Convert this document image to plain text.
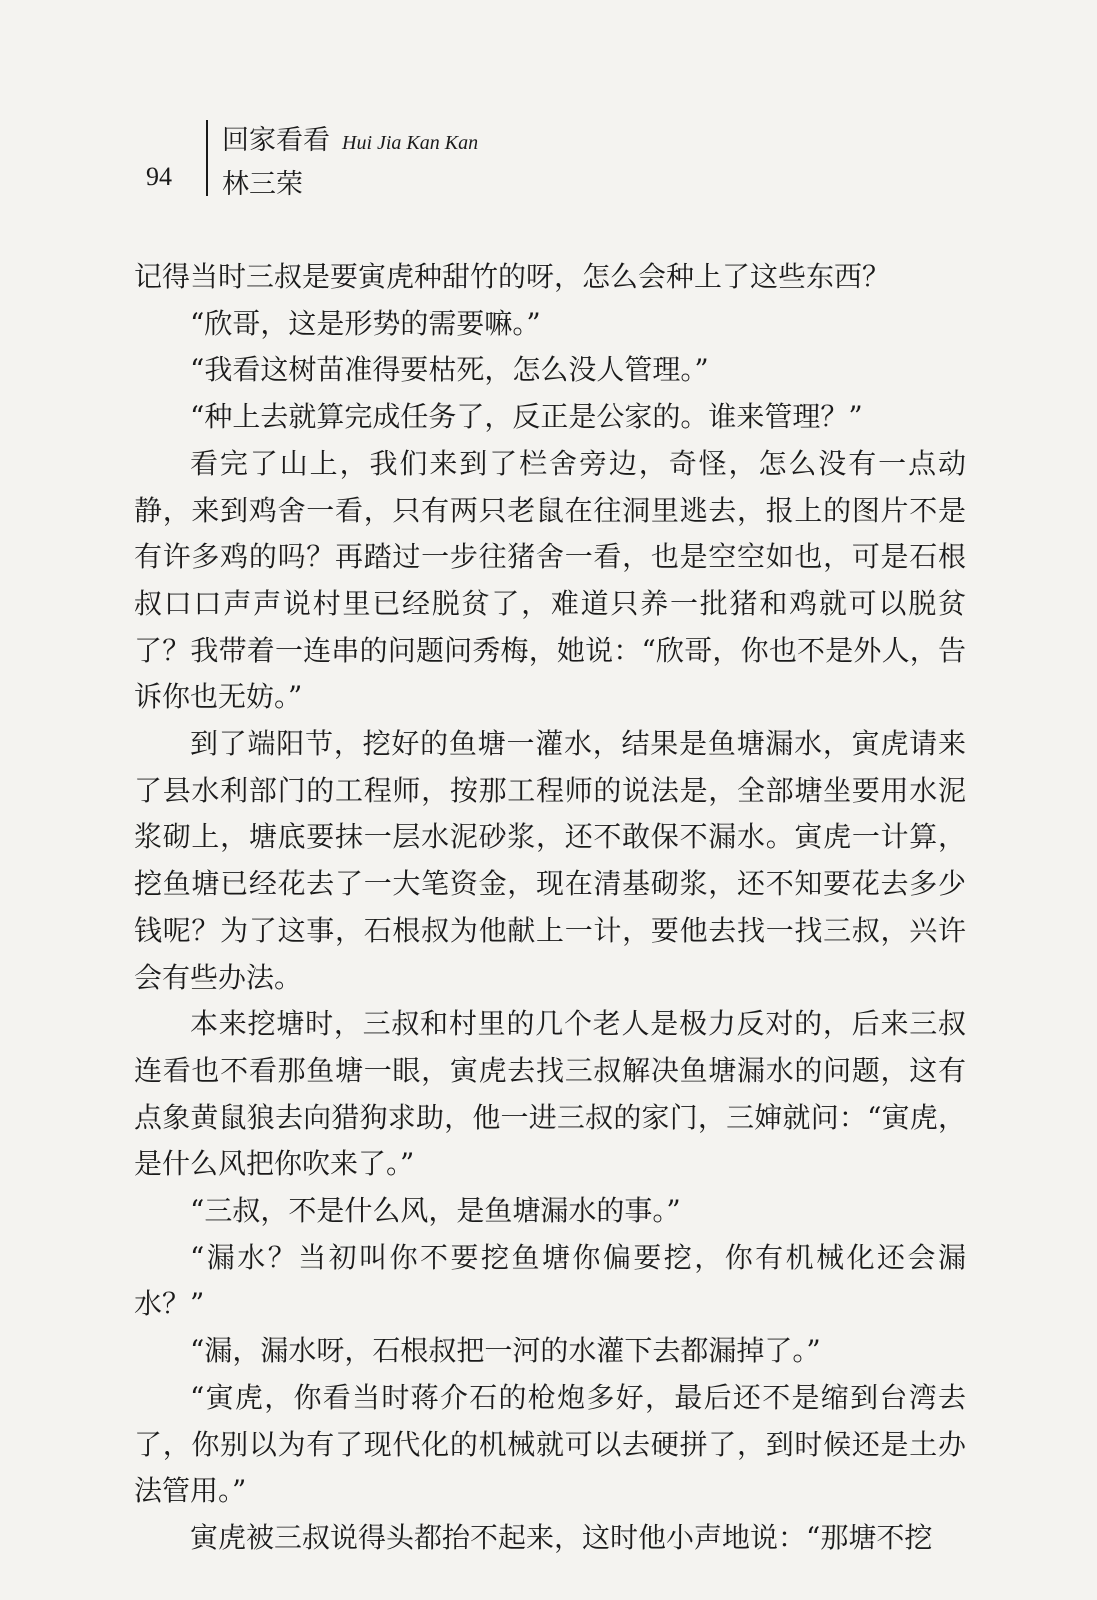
94
回家看看 Hui Jia Kan Kan
林三荣

记得当时三叔是要寅虎种甜竹的呀，怎么会种上了这些东西？

“欣哥，这是形势的需要嘛。”

“我看这树苗准得要枯死，怎么没人管理。”

“种上去就算完成任务了，反正是公家的。谁来管理？”

看完了山上，我们来到了栏舍旁边，奇怪，怎么没有一点动静，来到鸡舍一看，只有两只老鼠在往洞里逃去，报上的图片不是有许多鸡的吗？再踏过一步往猪舍一看，也是空空如也，可是石根叔口口声声说村里已经脱贫了，难道只养一批猪和鸡就可以脱贫了？我带着一连串的问题问秀梅，她说：“欣哥，你也不是外人，告诉你也无妨。”

到了端阳节，挖好的鱼塘一灌水，结果是鱼塘漏水，寅虎请来了县水利部门的工程师，按那工程师的说法是，全部塘坐要用水泥浆砌上，塘底要抹一层水泥砂浆，还不敢保不漏水。寅虎一计算，挖鱼塘已经花去了一大笔资金，现在清基砌浆，还不知要花去多少钱呢？为了这事，石根叔为他献上一计，要他去找一找三叔，兴许会有些办法。

本来挖塘时，三叔和村里的几个老人是极力反对的，后来三叔连看也不看那鱼塘一眼，寅虎去找三叔解决鱼塘漏水的问题，这有点象黄鼠狼去向猎狗求助，他一进三叔的家门，三婶就问：“寅虎，是什么风把你吹来了。”

“三叔，不是什么风，是鱼塘漏水的事。”

“漏水？当初叫你不要挖鱼塘你偏要挖，你有机械化还会漏水？”

“漏，漏水呀，石根叔把一河的水灌下去都漏掉了。”

“寅虎，你看当时蒋介石的枪炮多好，最后还不是缩到台湾去了，你别以为有了现代化的机械就可以去硬拼了，到时候还是土办法管用。”

寅虎被三叔说得头都抬不起来，这时他小声地说：“那塘不挖
